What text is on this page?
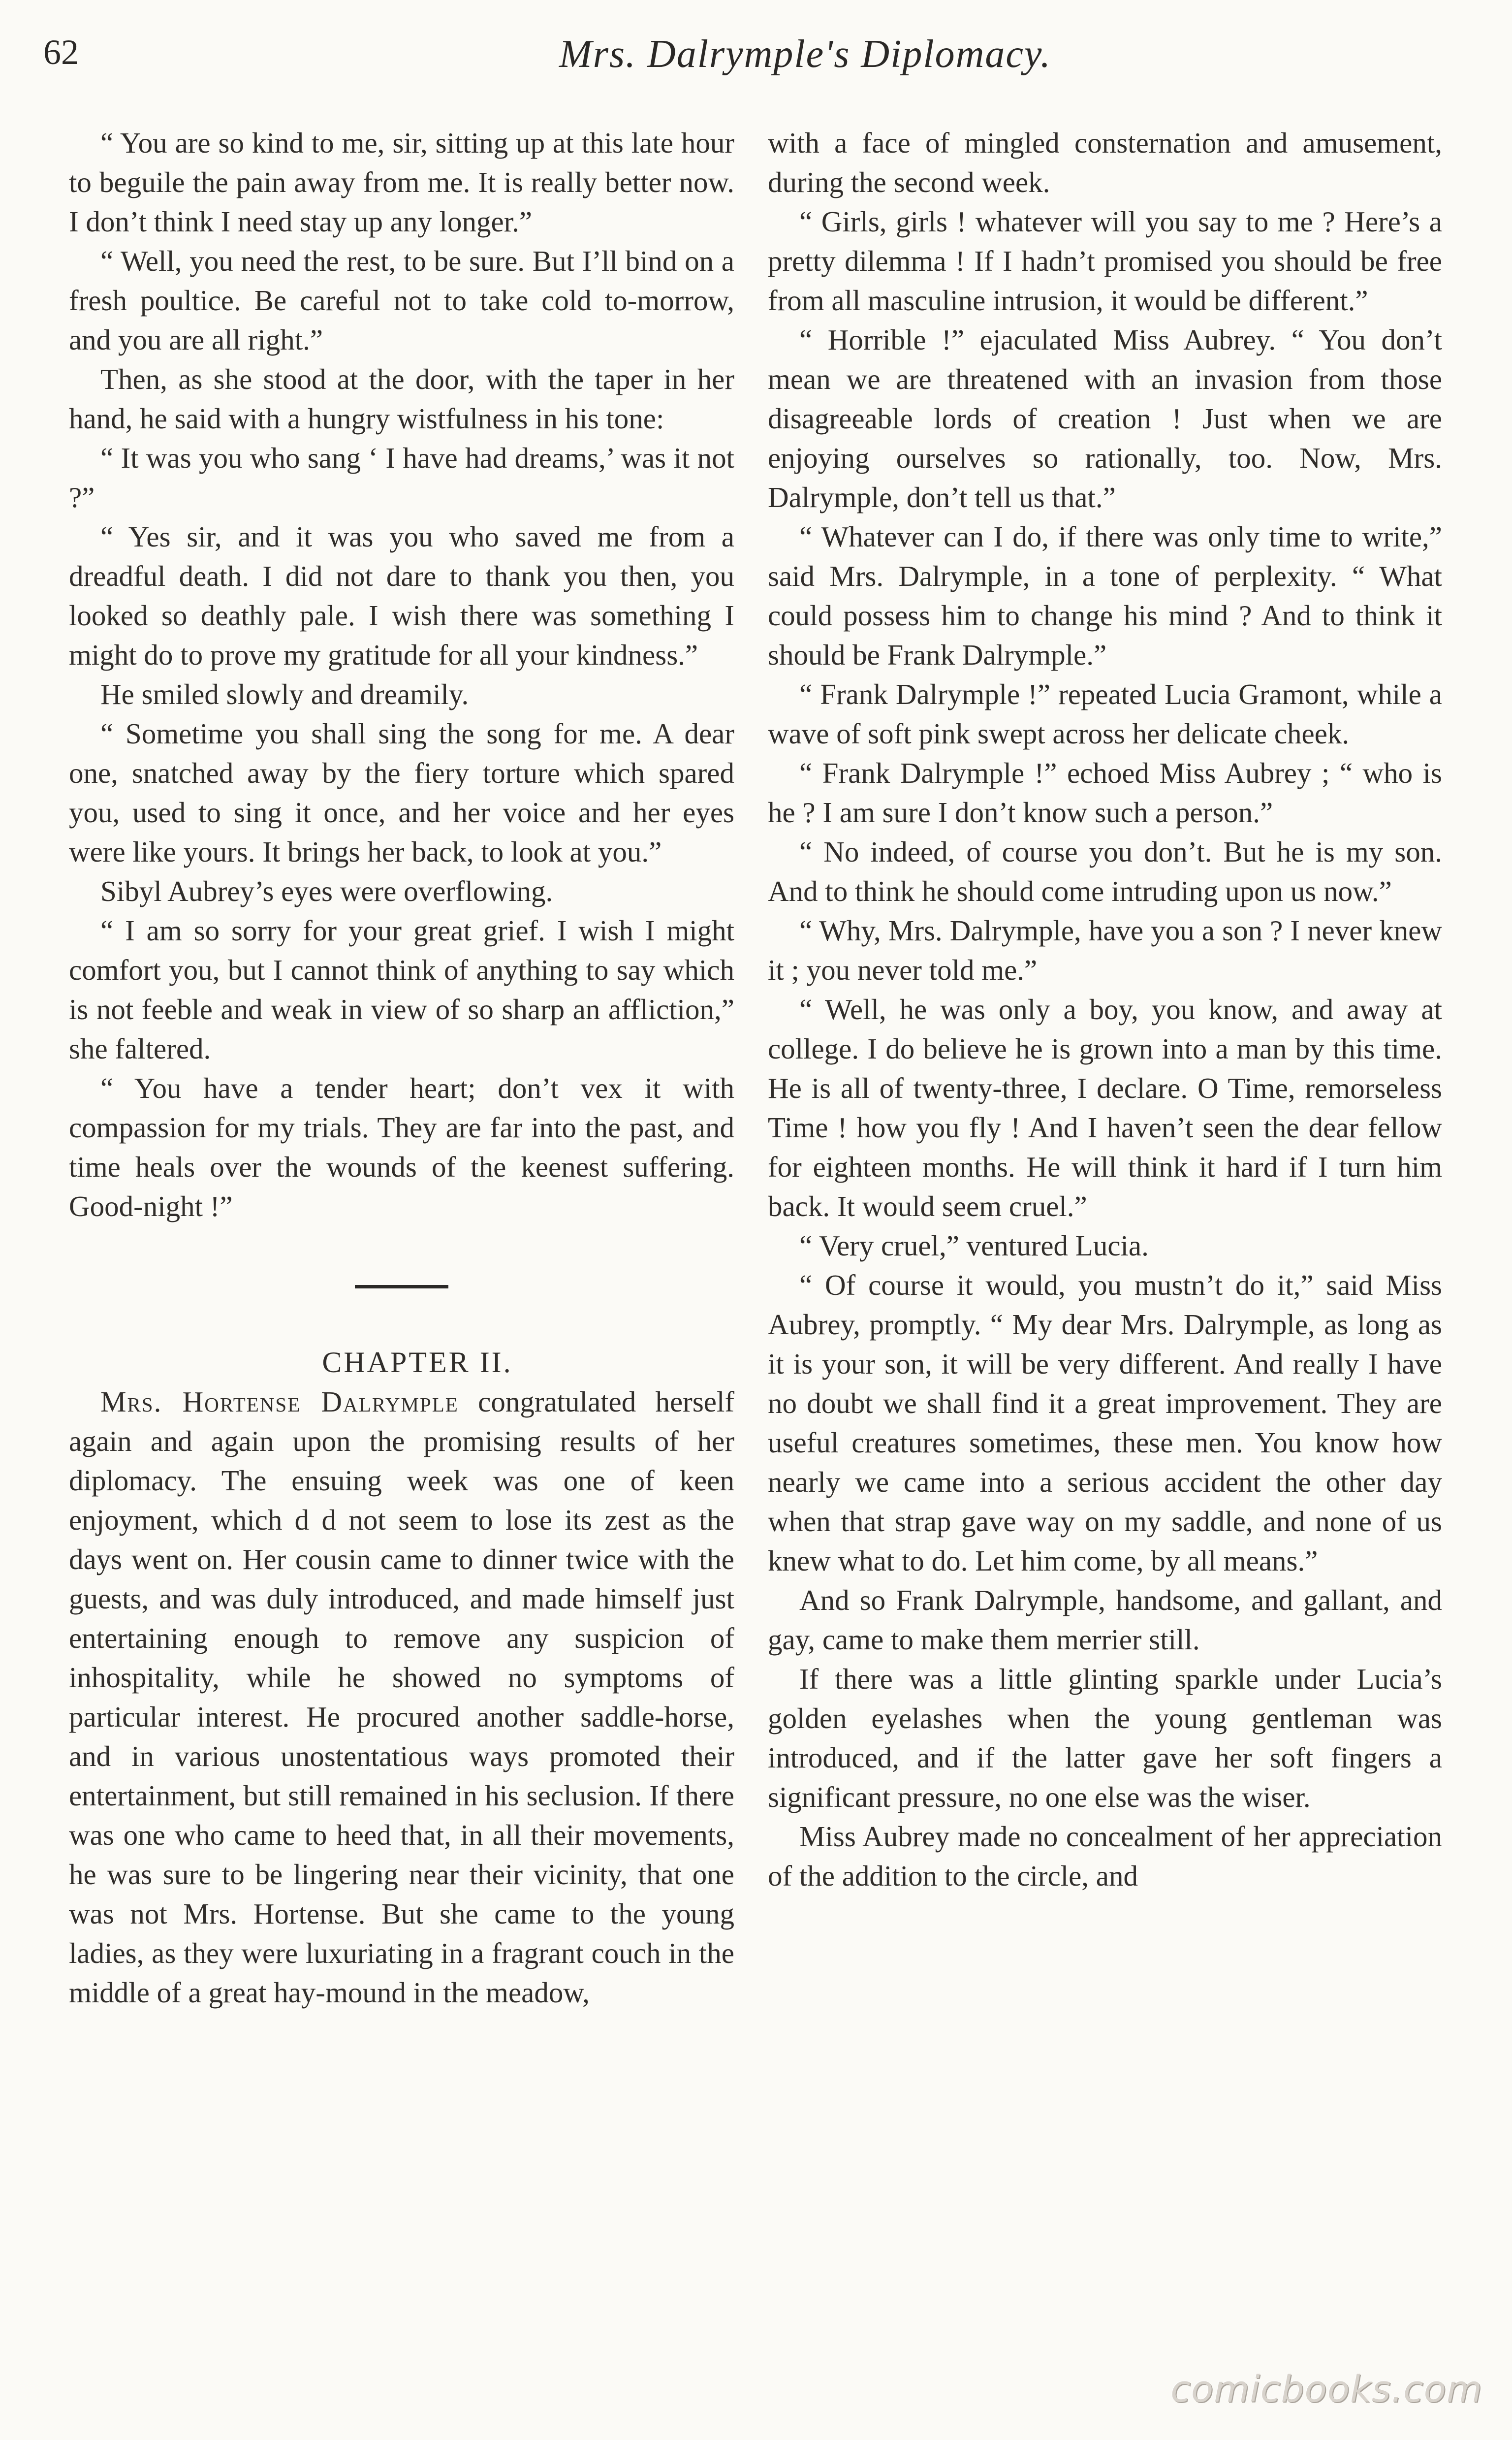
62	Mrs. Dalrymple's Diplomacy.

“ You are so kind to me, sir, sitting up at this late hour to beguile the pain away from me. It is really better now. I don’t think I need stay up any longer.”

“ Well, you need the rest, to be sure. But I’ll bind on a fresh poultice. Be careful not to take cold to-morrow, and you are all right.”

Then, as she stood at the door, with the taper in her hand, he said with a hungry wistfulness in his tone:

“ It was you who sang ‘ I have had dreams,’ was it not ?”

“ Yes sir, and it was you who saved me from a dreadful death. I did not dare to thank you then, you looked so deathly pale. I wish there was something I might do to prove my gratitude for all your kindness.”

He smiled slowly and dreamily.

“ Sometime you shall sing the song for me. A dear one, snatched away by the fiery torture which spared you, used to sing it once, and her voice and her eyes were like yours. It brings her back, to look at you.”

Sibyl Aubrey’s eyes were overflowing.

“ I am so sorry for your great grief. I wish I might comfort you, but I cannot think of anything to say which is not feeble and weak in view of so sharp an affliction,” she faltered.

“ You have a tender heart; don’t vex it with compassion for my trials. They are far into the past, and time heals over the wounds of the keenest suffering. Good-night !”

CHAPTER II.

Mrs. Hortense Dalrymple congratulated herself again and again upon the promising results of her diplomacy. The ensuing week was one of keen enjoyment, which d d not seem to lose its zest as the days went on. Her cousin came to dinner twice with the guests, and was duly introduced, and made himself just entertaining enough to remove any suspicion of inhospitality, while he showed no symptoms of particular interest. He procured another saddle-horse, and in various unostentatious ways promoted their entertainment, but still remained in his seclusion. If there was one who came to heed that, in all their movements, he was sure to be lingering near their vicinity, that one was not Mrs. Hortense. But she came to the young ladies, as they were luxuriating in a fragrant couch in the middle of a great hay-mound in the meadow,

with a face of mingled consternation and amusement, during the second week.

“ Girls, girls ! whatever will you say to me ? Here’s a pretty dilemma ! If I hadn’t promised you should be free from all masculine intrusion, it would be different.”

“ Horrible !” ejaculated Miss Aubrey. “ You don’t mean we are threatened with an invasion from those disagreeable lords of creation ! Just when we are enjoying ourselves so rationally, too. Now, Mrs. Dalrymple, don’t tell us that.”

“ Whatever can I do, if there was only time to write,” said Mrs. Dalrymple, in a tone of perplexity. “ What could possess him to change his mind ? And to think it should be Frank Dalrymple.”

“ Frank Dalrymple !” repeated Lucia Gramont, while a wave of soft pink swept across her delicate cheek.

“ Frank Dalrymple !” echoed Miss Aubrey ; “ who is he ? I am sure I don’t know such a person.”

“ No indeed, of course you don’t. But he is my son. And to think he should come intruding upon us now.”

“ Why, Mrs. Dalrymple, have you a son ? I never knew it ; you never told me.”

“ Well, he was only a boy, you know, and away at college. I do believe he is grown into a man by this time. He is all of twenty-three, I declare. O Time, remorseless Time ! how you fly ! And I haven’t seen the dear fellow for eighteen months. He will think it hard if I turn him back. It would seem cruel.”

“ Very cruel,” ventured Lucia.

“ Of course it would, you mustn’t do it,” said Miss Aubrey, promptly. “ My dear Mrs. Dalrymple, as long as it is your son, it will be very different. And really I have no doubt we shall find it a great improvement. They are useful creatures sometimes, these men. You know how nearly we came into a serious accident the other day when that strap gave way on my saddle, and none of us knew what to do. Let him come, by all means.”

And so Frank Dalrymple, handsome, and gallant, and gay, came to make them merrier still.

If there was a little glinting sparkle under Lucia’s golden eyelashes when the young gentleman was introduced, and if the latter gave her soft fingers a significant pressure, no one else was the wiser.

Miss Aubrey made no concealment of her appreciation of the addition to the circle, and

comicbooks.com
